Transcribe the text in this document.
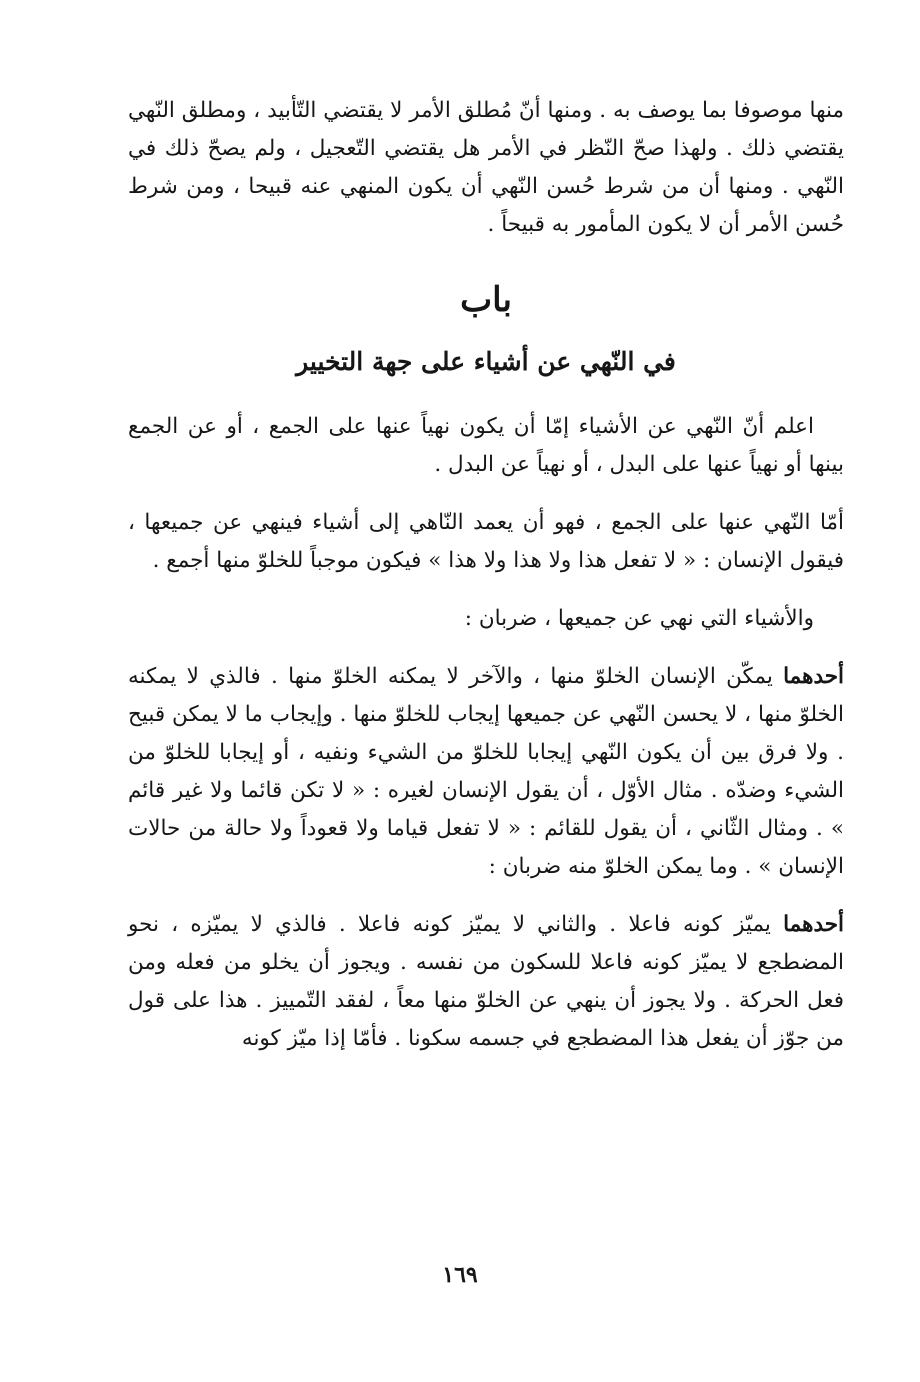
منها موصوفا بما يوصف به . ومنها أنّ مُطلق الأمر لا يقتضي التّأبيد ، ومطلق النّهي يقتضي ذلك . ولهذا صحّ النّظر في الأمر هل يقتضي التّعجيل ، ولم يصحّ ذلك في النّهي . ومنها أن من شرط حُسن النّهي أن يكون المنهي عنه قبيحا ، ومن شرط حُسن الأمر أن لا يكون المأمور به قبيحاً .

باب
في النّهي عن أشياء على جهة التخيير

اعلم أنّ النّهي عن الأشياء إمّا أن يكون نهياً عنها على الجمع ، أو عن الجمع بينها أو نهياً عنها على البدل ، أو نهياً عن البدل .

أمّا النّهي عنها على الجمع ، فهو أن يعمد النّاهي إلى أشياء فينهي عن جميعها ، فيقول الإنسان : « لا تفعل هذا ولا هذا ولا هذا » فيكون موجباً للخلوّ منها أجمع .

والأشياء التي نهي عن جميعها ، ضربان :

أحدهما يمكّن الإنسان الخلوّ منها ، والآخر لا يمكنه الخلوّ منها . فالذي لا يمكنه الخلوّ منها ، لا يحسن النّهي عن جميعها إيجاب للخلوّ منها . وإيجاب ما لا يمكن قبيح . ولا فرق بين أن يكون النّهي إيجابا للخلوّ من الشيء ونفيه ، أو إيجابا للخلوّ من الشيء وضدّه . مثال الأوّل ، أن يقول الإنسان لغيره : « لا تكن قائما ولا غير قائم » . ومثال الثّاني ، أن يقول للقائم : « لا تفعل قياما ولا قعوداً ولا حالة من حالات الإنسان » . وما يمكن الخلوّ منه ضربان :

أحدهما يميّز كونه فاعلا . والثاني لا يميّز كونه فاعلا . فالذي لا يميّزه ، نحو المضطجع لا يميّز كونه فاعلا للسكون من نفسه . ويجوز أن يخلو من فعله ومن فعل الحركة . ولا يجوز أن ينهي عن الخلوّ منها معاً ، لفقد التّمييز . هذا على قول من جوّز أن يفعل هذا المضطجع في جسمه سكونا . فأمّا إذا ميّز كونه

١٦٩
